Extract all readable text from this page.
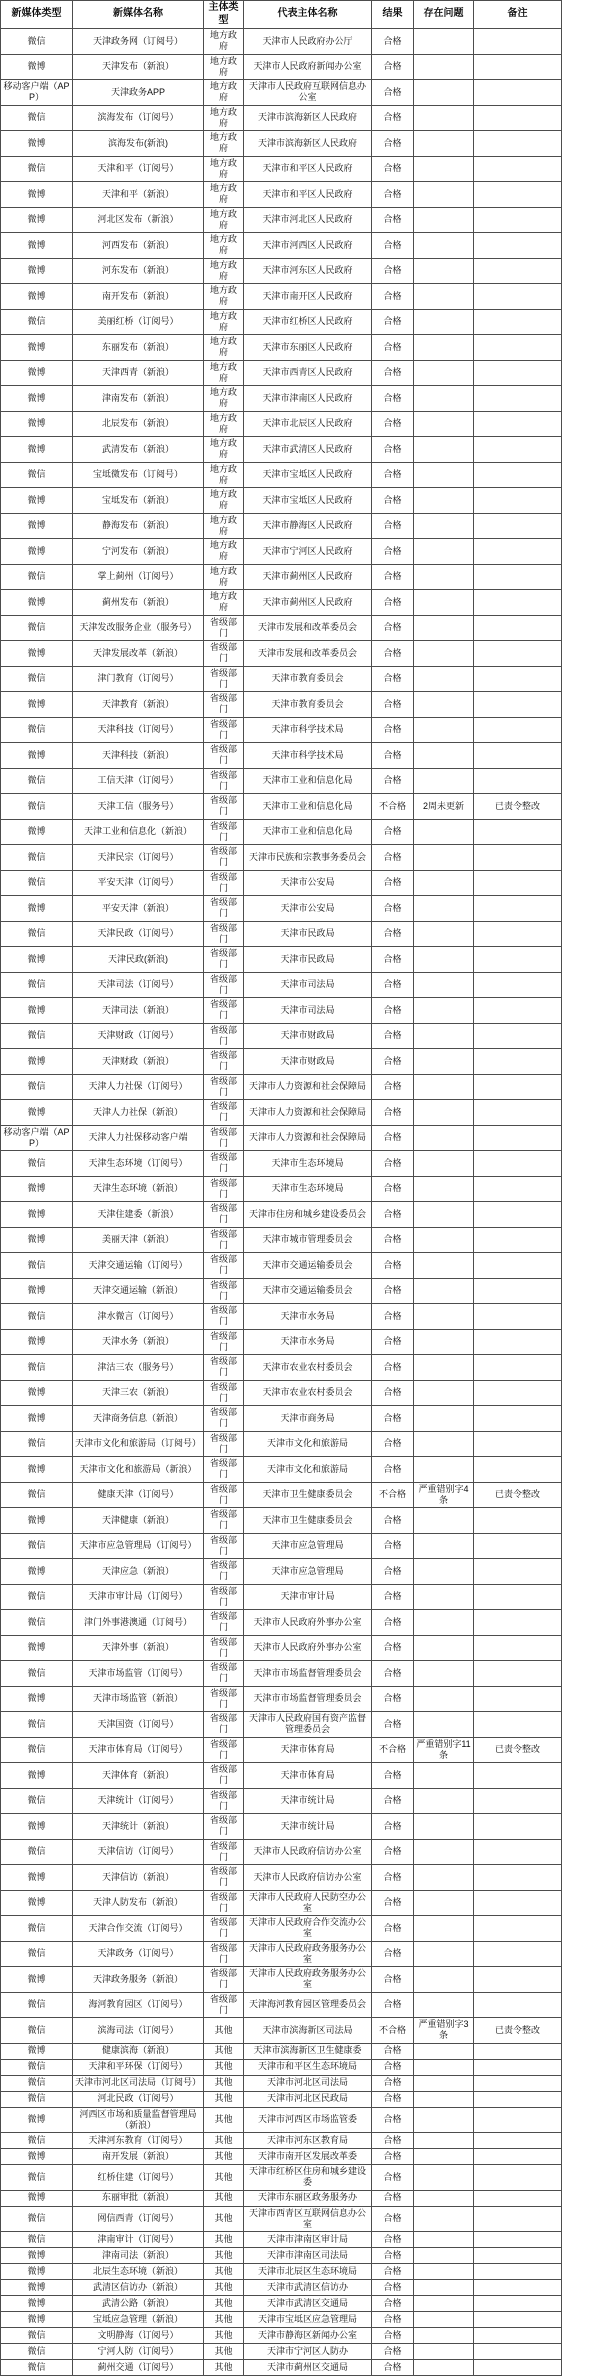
新媒体类型	新媒体名称	主体类型	代表主体名称	结果	存在问题	备注
微信	天津政务网（订阅号）	地方政府	天津市人民政府办公厅	合格		
微博	天津发布（新浪）	地方政府	天津市人民政府新闻办公室	合格		
移动客户端（APP）	天津政务APP	地方政府	天津市人民政府互联网信息办公室	合格		
微信	滨海发布（订阅号）	地方政府	天津市滨海新区人民政府	合格		
微博	滨海发布(新浪)	地方政府	天津市滨海新区人民政府	合格		
微信	天津和平（订阅号）	地方政府	天津市和平区人民政府	合格		
微博	天津和平（新浪）	地方政府	天津市和平区人民政府	合格		
微博	河北区发布（新浪）	地方政府	天津市河北区人民政府	合格		
微博	河西发布（新浪）	地方政府	天津市河西区人民政府	合格		
微博	河东发布（新浪）	地方政府	天津市河东区人民政府	合格		
微博	南开发布（新浪）	地方政府	天津市南开区人民政府	合格		
微信	美丽红桥（订阅号）	地方政府	天津市红桥区人民政府	合格		
微博	东丽发布（新浪）	地方政府	天津市东丽区人民政府	合格		
微博	天津西青（新浪）	地方政府	天津市西青区人民政府	合格		
微博	津南发布（新浪）	地方政府	天津市津南区人民政府	合格		
微博	北辰发布（新浪）	地方政府	天津市北辰区人民政府	合格		
微博	武清发布（新浪）	地方政府	天津市武清区人民政府	合格		
微信	宝坻微发布（订阅号）	地方政府	天津市宝坻区人民政府	合格		
微博	宝坻发布（新浪）	地方政府	天津市宝坻区人民政府	合格		
微博	静海发布（新浪）	地方政府	天津市静海区人民政府	合格		
微博	宁河发布（新浪）	地方政府	天津市宁河区人民政府	合格		
微信	掌上蓟州（订阅号）	地方政府	天津市蓟州区人民政府	合格		
微博	蓟州发布（新浪）	地方政府	天津市蓟州区人民政府	合格		
微信	天津发改服务企业（服务号）	省级部门	天津市发展和改革委员会	合格		
微博	天津发展改革（新浪）	省级部门	天津市发展和改革委员会	合格		
微信	津门教育（订阅号）	省级部门	天津市教育委员会	合格		
微博	天津教育（新浪）	省级部门	天津市教育委员会	合格		
微信	天津科技（订阅号）	省级部门	天津市科学技术局	合格		
微博	天津科技（新浪）	省级部门	天津市科学技术局	合格		
微信	工信天津（订阅号）	省级部门	天津市工业和信息化局	合格		
微信	天津工信（服务号）	省级部门	天津市工业和信息化局	不合格	2周未更新	已责令整改
微博	天津工业和信息化（新浪）	省级部门	天津市工业和信息化局	合格		
微信	天津民宗（订阅号）	省级部门	天津市民族和宗教事务委员会	合格		
微信	平安天津（订阅号）	省级部门	天津市公安局	合格		
微博	平安天津（新浪）	省级部门	天津市公安局	合格		
微信	天津民政（订阅号）	省级部门	天津市民政局	合格		
微博	天津民政(新浪)	省级部门	天津市民政局	合格		
微信	天津司法（订阅号）	省级部门	天津市司法局	合格		
微博	天津司法（新浪）	省级部门	天津市司法局	合格		
微信	天津财政（订阅号）	省级部门	天津市财政局	合格		
微博	天津财政（新浪）	省级部门	天津市财政局	合格		
微信	天津人力社保（订阅号）	省级部门	天津市人力资源和社会保障局	合格		
微博	天津人力社保（新浪）	省级部门	天津市人力资源和社会保障局	合格		
移动客户端（APP）	天津人力社保移动客户端	省级部门	天津市人力资源和社会保障局	合格		
微信	天津生态环境（订阅号）	省级部门	天津市生态环境局	合格		
微博	天津生态环境（新浪）	省级部门	天津市生态环境局	合格		
微博	天津住建委（新浪）	省级部门	天津市住房和城乡建设委员会	合格		
微博	美丽天津（新浪）	省级部门	天津市城市管理委员会	合格		
微信	天津交通运输（订阅号）	省级部门	天津市交通运输委员会	合格		
微博	天津交通运输（新浪）	省级部门	天津市交通运输委员会	合格		
微信	津水微言（订阅号）	省级部门	天津市水务局	合格		
微博	天津水务（新浪）	省级部门	天津市水务局	合格		
微信	津沽三农（服务号）	省级部门	天津市农业农村委员会	合格		
微博	天津三农（新浪）	省级部门	天津市农业农村委员会	合格		
微博	天津商务信息（新浪）	省级部门	天津市商务局	合格		
微信	天津市文化和旅游局（订阅号）	省级部门	天津市文化和旅游局	合格		
微博	天津市文化和旅游局（新浪）	省级部门	天津市文化和旅游局	合格		
微信	健康天津（订阅号）	省级部门	天津市卫生健康委员会	不合格	严重错别字4条	已责令整改
微博	天津健康（新浪）	省级部门	天津市卫生健康委员会	合格		
微信	天津市应急管理局（订阅号）	省级部门	天津市应急管理局	合格		
微博	天津应急（新浪）	省级部门	天津市应急管理局	合格		
微信	天津市审计局（订阅号）	省级部门	天津市审计局	合格		
微信	津门外事港澳通（订阅号）	省级部门	天津市人民政府外事办公室	合格		
微博	天津外事（新浪）	省级部门	天津市人民政府外事办公室	合格		
微信	天津市场监管（订阅号）	省级部门	天津市市场监督管理委员会	合格		
微博	天津市场监管（新浪）	省级部门	天津市市场监督管理委员会	合格		
微信	天津国资（订阅号）	省级部门	天津市人民政府国有资产监督管理委员会	合格		
微信	天津市体育局（订阅号）	省级部门	天津市体育局	不合格	严重错别字11条	已责令整改
微博	天津体育（新浪）	省级部门	天津市体育局	合格		
微信	天津统计（订阅号）	省级部门	天津市统计局	合格		
微博	天津统计（新浪）	省级部门	天津市统计局	合格		
微信	天津信访（订阅号）	省级部门	天津市人民政府信访办公室	合格		
微博	天津信访（新浪）	省级部门	天津市人民政府信访办公室	合格		
微博	天津人防发布（新浪）	省级部门	天津市人民政府人民防空办公室	合格		
微信	天津合作交流（订阅号）	省级部门	天津市人民政府合作交流办公室	合格		
微信	天津政务（订阅号）	省级部门	天津市人民政府政务服务办公室	合格		
微博	天津政务服务（新浪）	省级部门	天津市人民政府政务服务办公室	合格		
微信	海河教育园区（订阅号）	省级部门	天津海河教育园区管理委员会	合格		
微信	滨海司法（订阅号）	其他	天津市滨海新区司法局	不合格	严重错别字3条	已责令整改
微博	健康滨海（新浪）	其他	天津市滨海新区卫生健康委	合格		
微信	天津和平环保（订阅号）	其他	天津市和平区生态环境局	合格		
微信	天津市河北区司法局（订阅号）	其他	天津市河北区司法局	合格		
微信	河北民政（订阅号）	其他	天津市河北区民政局	合格		
微博	河西区市场和质量监督管理局（新浪）	其他	天津市河西区市场监管委	合格		
微信	天津河东教育（订阅号）	其他	天津市河东区教育局	合格		
微博	南开发展（新浪）	其他	天津市南开区发展改革委	合格		
微信	红桥住建（订阅号）	其他	天津市红桥区住房和城乡建设委	合格		
微博	东丽审批（新浪）	其他	天津市东丽区政务服务办	合格		
微信	网信西青（订阅号）	其他	天津市西青区互联网信息办公室	合格		
微信	津南审计（订阅号）	其他	天津市津南区审计局	合格		
微博	津南司法（新浪）	其他	天津市津南区司法局	合格		
微博	北辰生态环境（新浪）	其他	天津市北辰区生态环境局	合格		
微博	武清区信访办（新浪）	其他	天津市武清区信访办	合格		
微博	武清公路（新浪）	其他	天津市武清区交通局	合格		
微博	宝坻应急管理（新浪）	其他	天津市宝坻区应急管理局	合格		
微信	文明静海（订阅号）	其他	天津市静海区新闻办公室	合格		
微信	宁河人防（订阅号）	其他	天津市宁河区人防办	合格		
微信	蓟州交通（订阅号）	其他	天津市蓟州区交通局	合格		
